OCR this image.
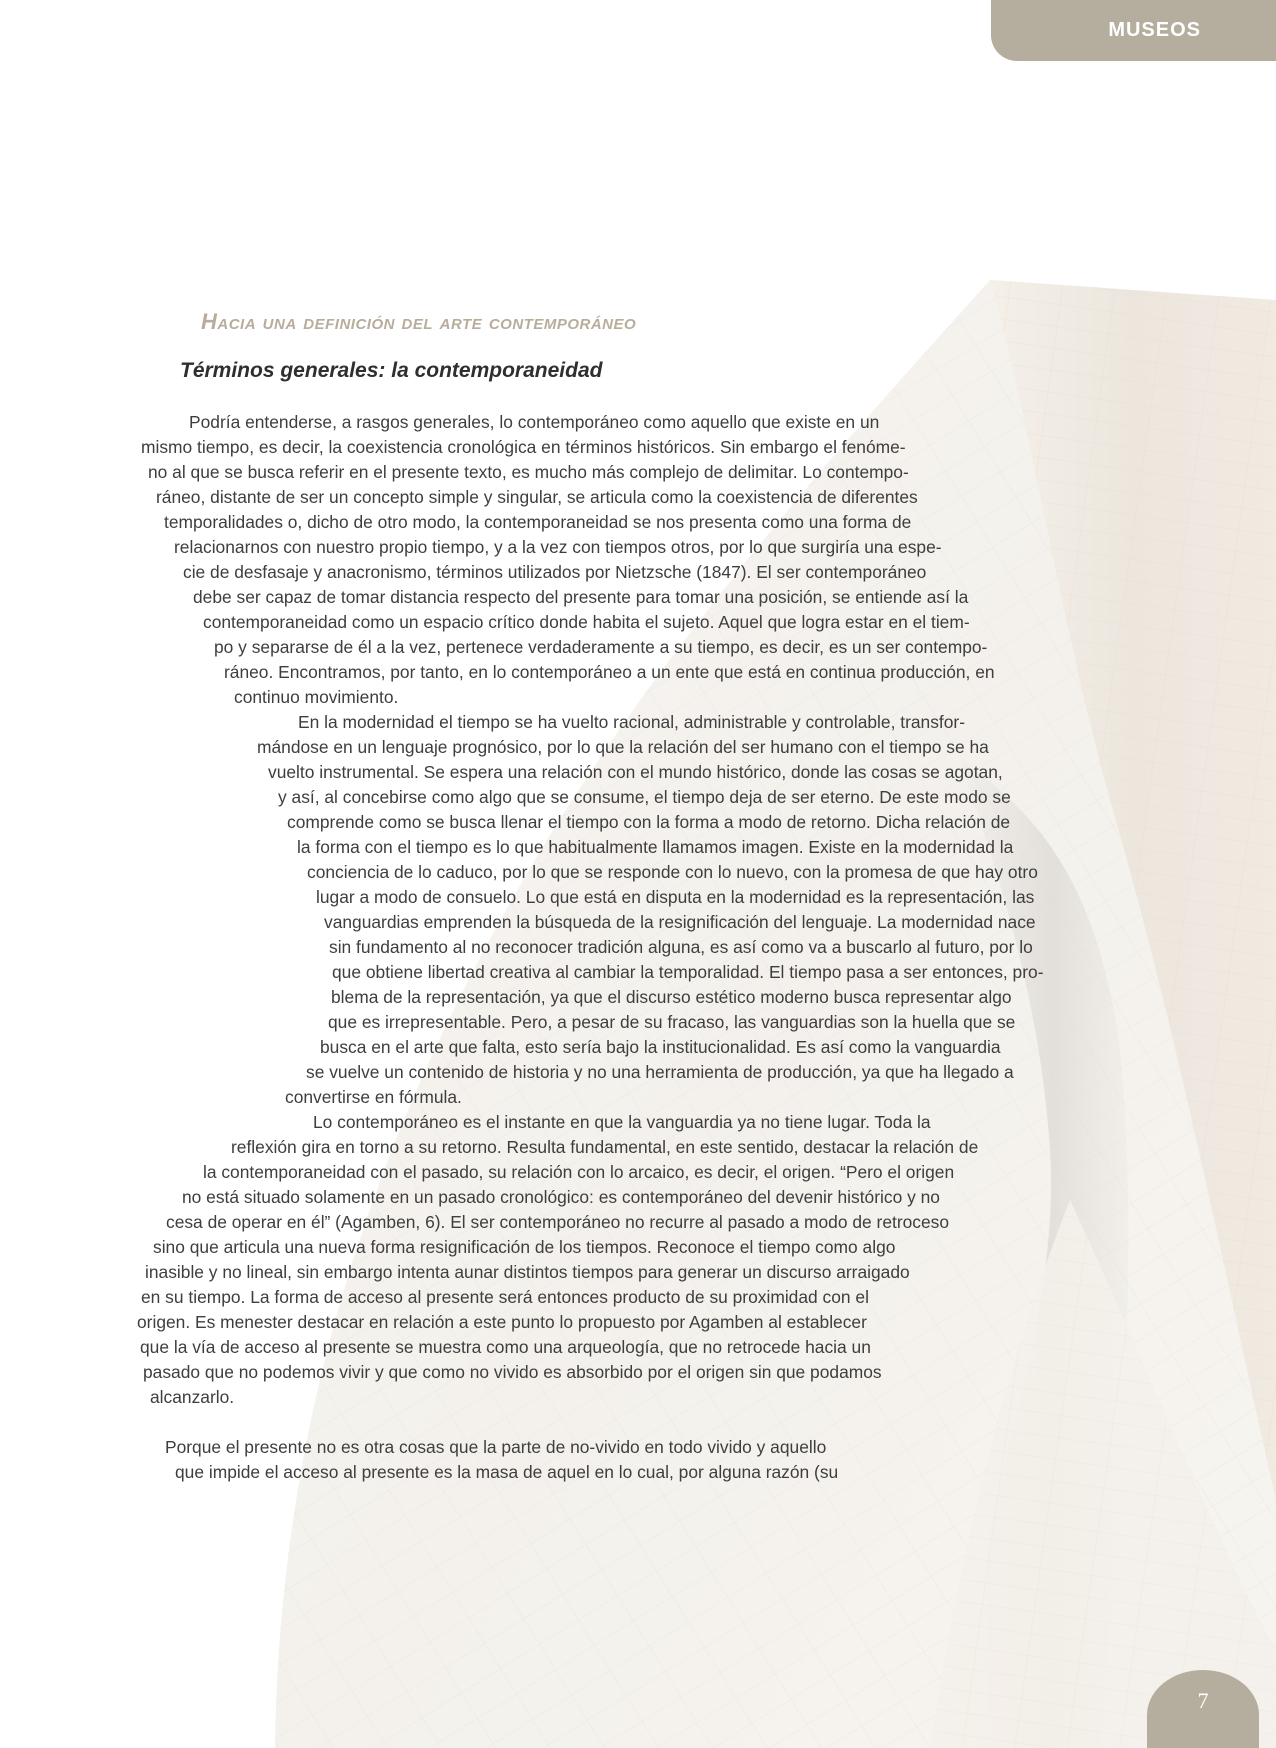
MUSEOS
Hacia una definición del arte contemporáneo
Términos generales: la contemporaneidad
Podría entenderse, a rasgos generales, lo contemporáneo como aquello que existe en un
mismo tiempo, es decir, la coexistencia cronológica en términos históricos. Sin embargo el fenóme-
no al que se busca referir en el presente texto, es mucho más complejo de delimitar. Lo contempo-
ráneo, distante de ser un concepto simple y singular, se articula como la coexistencia de diferentes
temporalidades o, dicho de otro modo, la contemporaneidad se nos presenta como una forma de
relacionarnos con nuestro propio tiempo, y a la vez con tiempos otros, por lo que surgiría una espe-
cie de desfasaje y anacronismo, términos utilizados por Nietzsche (1847). El ser contemporáneo
debe ser capaz de tomar distancia respecto del presente para tomar una posición, se entiende así la
contemporaneidad como un espacio crítico donde habita el sujeto. Aquel que logra estar en el tiem-
po y separarse de él a la vez, pertenece verdaderamente a su tiempo, es decir, es un ser contempo-
ráneo. Encontramos, por tanto, en lo contemporáneo a un ente que está en continua producción, en
continuo movimiento.
En la modernidad el tiempo se ha vuelto racional, administrable y controlable, transfor-
mándose en un lenguaje prognósico, por lo que la relación del ser humano con el tiempo se ha
vuelto instrumental. Se espera una relación con el mundo histórico, donde las cosas se agotan,
y así, al concebirse como algo que se consume, el tiempo deja de ser eterno. De este modo se
comprende como se busca llenar el tiempo con la forma a modo de retorno. Dicha relación de
la forma con el tiempo es lo que habitualmente llamamos imagen. Existe en la modernidad la
conciencia de lo caduco, por lo que se responde con lo nuevo, con la promesa de que hay otro
lugar a modo de consuelo. Lo que está en disputa en la modernidad es la representación, las
vanguardias emprenden la búsqueda de la resignificación del lenguaje. La modernidad nace
sin fundamento al no reconocer tradición alguna, es así como va a buscarlo al futuro, por lo
que obtiene libertad creativa al cambiar la temporalidad. El tiempo pasa a ser entonces, pro-
blema de la representación, ya que el discurso estético moderno busca representar algo
que es irrepresentable. Pero, a pesar de su fracaso, las vanguardias son la huella que se
busca en el arte que falta, esto sería bajo la institucionalidad. Es así como la vanguardia
se vuelve un contenido de historia y no una herramienta de producción, ya que ha llegado a
convertirse en fórmula.
Lo contemporáneo es el instante en que la vanguardia ya no tiene lugar. Toda la
reflexión gira en torno a su retorno. Resulta fundamental, en este sentido, destacar la relación de
la contemporaneidad con el pasado, su relación con lo arcaico, es decir, el origen. “Pero el origen
no está situado solamente en un pasado cronológico: es contemporáneo del devenir histórico y no
cesa de operar en él” (Agamben, 6). El ser contemporáneo no recurre al pasado a modo de retroceso
sino que articula una nueva forma resignificación de los tiempos. Reconoce el tiempo como algo
inasible y no lineal, sin embargo intenta aunar distintos tiempos para generar un discurso arraigado
en su tiempo. La forma de acceso al presente será entonces producto de su proximidad con el
origen. Es menester destacar en relación a este punto lo propuesto por Agamben al establecer
que la vía de acceso al presente se muestra como una arqueología, que no retrocede hacia un
pasado que no podemos vivir y que como no vivido es absorbido por el origen sin que podamos
alcanzarlo.
Porque el presente no es otra cosas que la parte de no-vivido en todo vivido y aquello
que impide el acceso al presente es la masa de aquel en lo cual, por alguna razón (su
7
